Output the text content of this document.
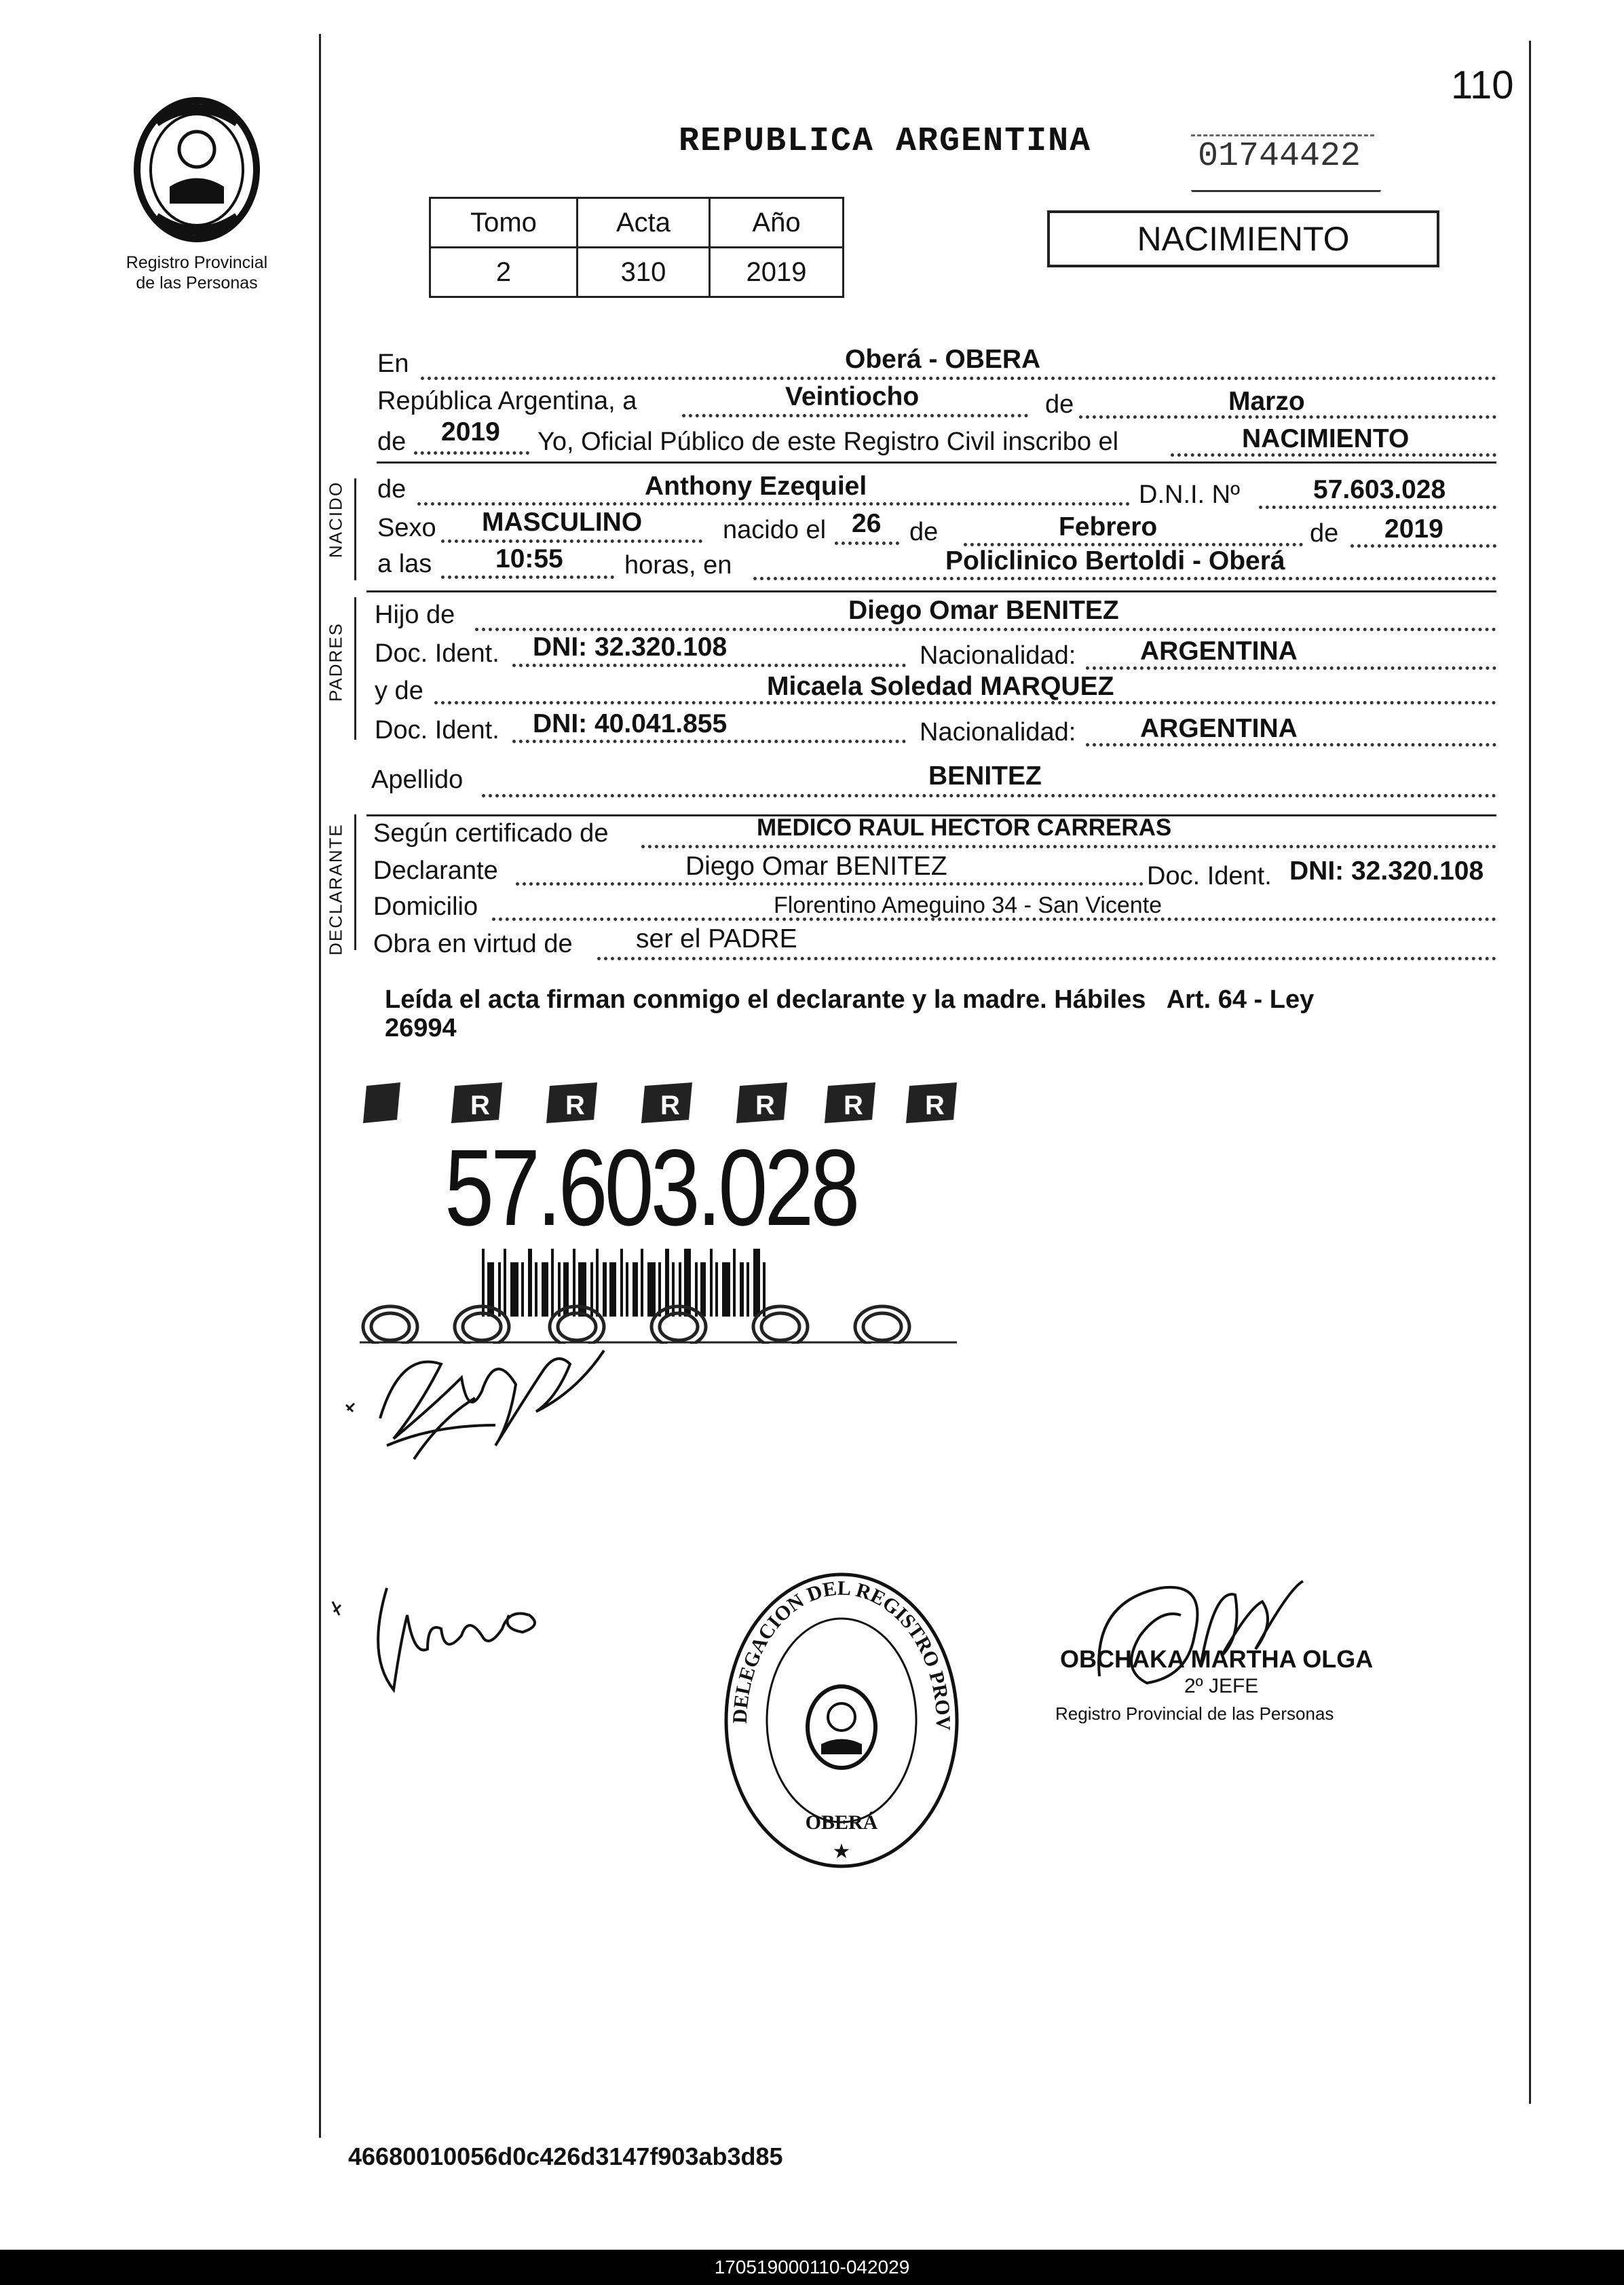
110
Registro Provincial
de las Personas
REPUBLICA ARGENTINA	01744422
Tomo	Acta	Año
2	310	2019
NACIMIENTO
NACIDO
PADRES
DECLARANTE
En	Oberá - OBERA
República Argentina, a	Veintiocho	de	Marzo
de 2019 Yo, Oficial Público de este Registro Civil inscribo el	NACIMIENTO
de	Anthony Ezequiel	D.N.I. Nº	57.603.028
Sexo MASCULINO	nacido el 26 de	Febrero	de 2019
a las 10:55 horas, en	Policlinico Bertoldi - Oberá
Hijo de	Diego Omar BENITEZ
Doc. Ident. DNI: 32.320.108	Nacionalidad: ARGENTINA
y de	Micaela Soledad MARQUEZ
Doc. Ident. DNI: 40.041.855	Nacionalidad: ARGENTINA
Apellido	BENITEZ
Según certificado de	MEDICO RAUL HECTOR CARRERAS
Declarante	Diego Omar BENITEZ	Doc. Ident. DNI: 32.320.108
Domicilio	Florentino Ameguino 34 - San Vicente
Obra en virtud de ser el PADRE
Leída el acta firman conmigo el declarante y la madre. Hábiles   Art. 64 - Ley
26994
R	R	R	R	R R
57.603.028
DELEGACION DEL REGISTRO PROV
OBERÁ
★
OBCHAKA MARTHA OLGA
2º JEFE
Registro Provincial de las Personas
46680010056d0c426d3147f903ab3d85
170519000110-042029
